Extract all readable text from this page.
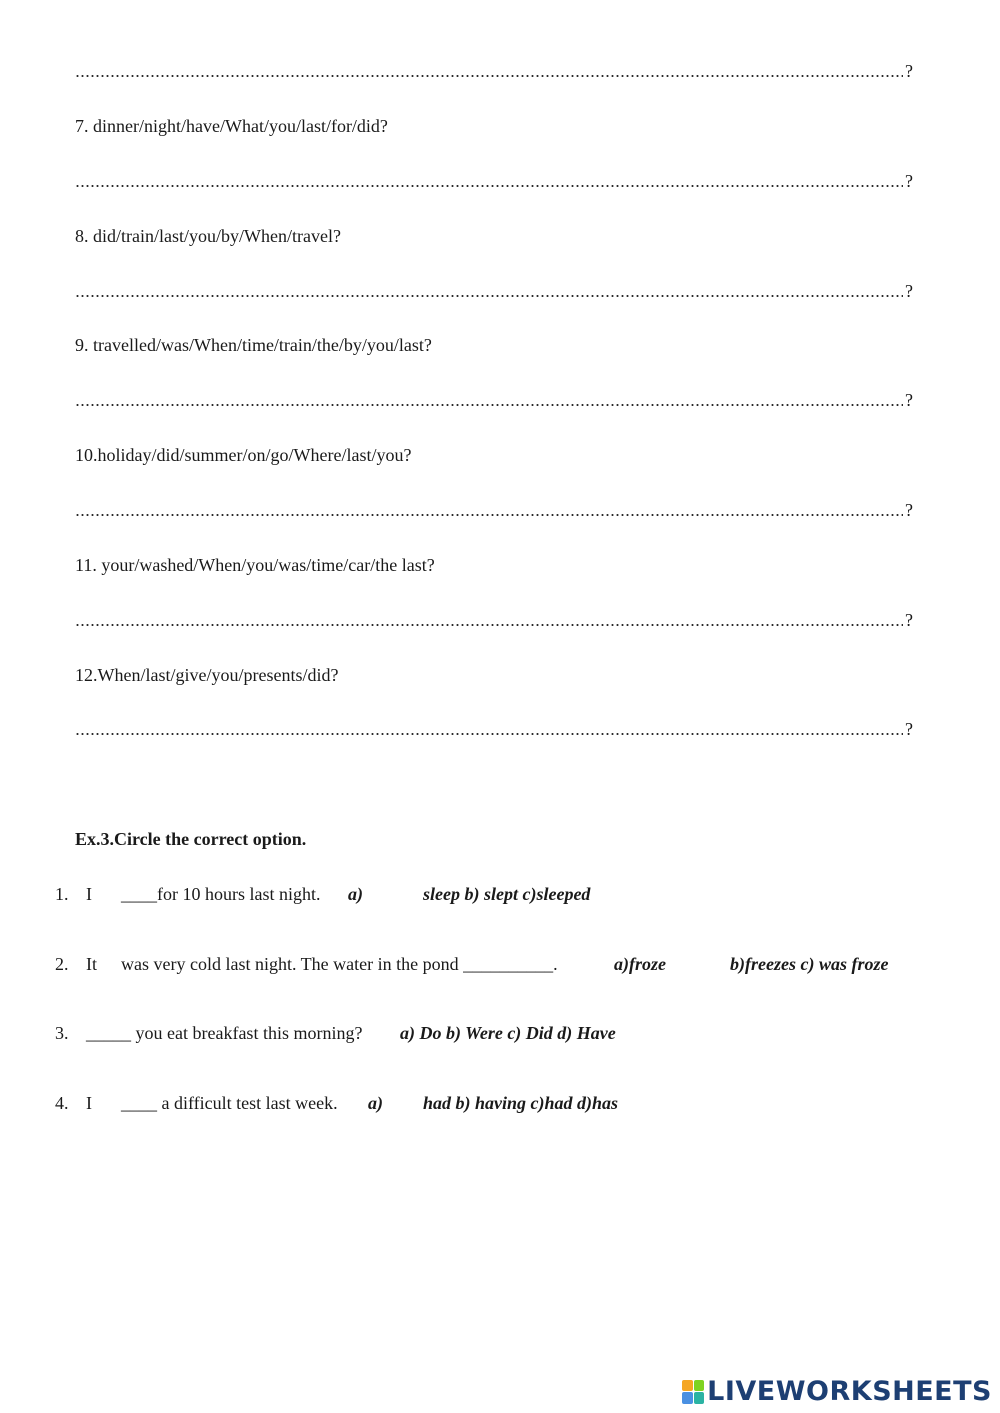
?
7. dinner/night/have/What/you/last/for/did?
?
8. did/train/last/you/by/When/travel?
?
9. travelled/was/When/time/train/the/by/you/last?
?
10.holiday/did/summer/on/go/Where/last/you?
?
11. your/washed/When/you/was/time/car/the last?
?
12.When/last/give/you/presents/did?
?
Ex.3.Circle the correct option.
1. I ____for 10 hours last night. a)	sleep b) slept c)sleeped
2. It was very cold last night. The water in the pond __________.	a)froze	b)freezes c) was froze
3. _____ you eat breakfast this morning? a) Do b) Were c) Did d) Have
4. I ____ a difficult test last week. a) had b) having c)had d)has
LIVEWORKSHEETS
